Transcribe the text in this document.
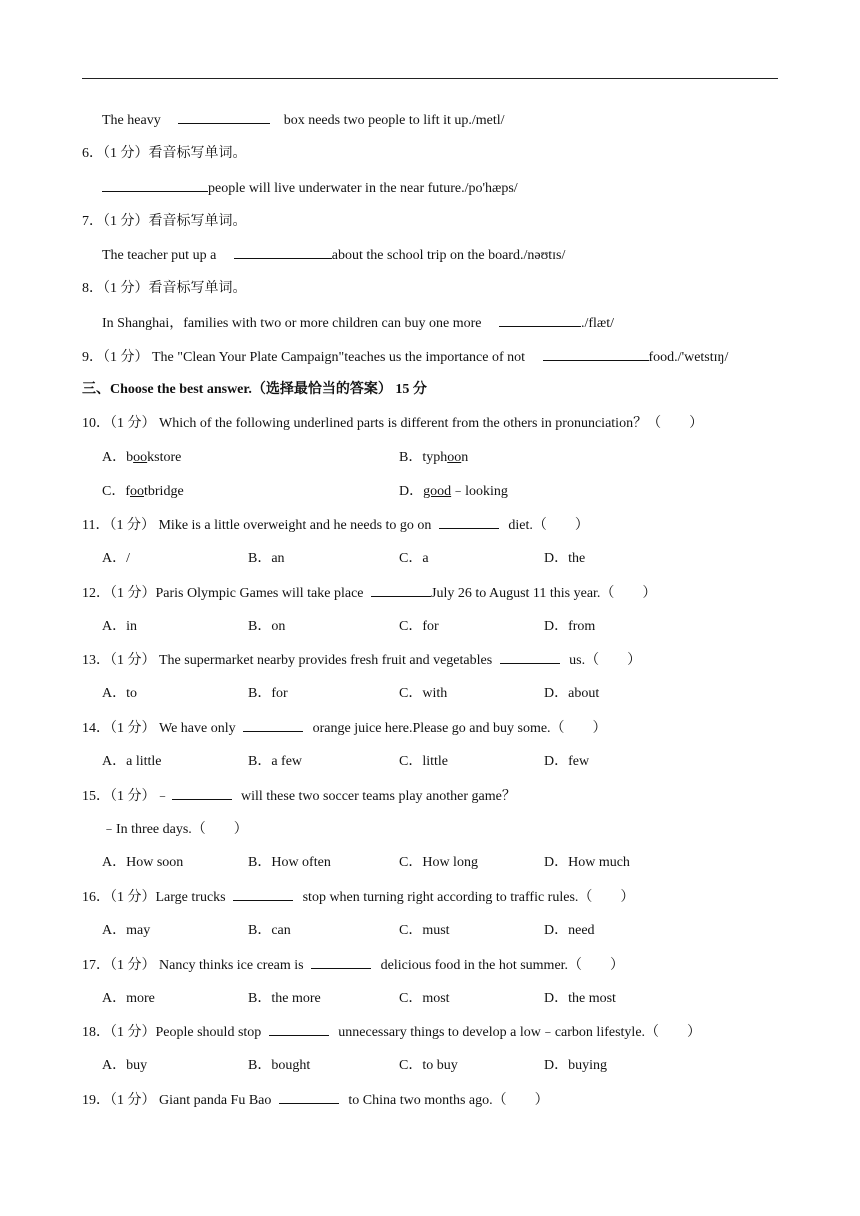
The heavy	box needs two people to lift it up./metl/
6．（1 分）看音标写单词。
people will live underwater in the near future./po'hæps/
7．（1 分）看音标写单词。
The teacher put up a	about the school trip on the board./nəʊtɪs/
8．（1 分）看音标写单词。
In Shanghai，families with two or more children can buy one more	./flæt/
9．（1 分） The "Clean Your Plate Campaign"teaches us the importance of not	food./'wetstɪŋ/
三、Choose the best answer.（选择最恰当的答案） 15 分
10．（1 分） Which of the following underlined parts is different from the others in pronunciation？（　　）
A．bookstore	B．typhoon
C．footbridge	D．good﹣looking
11．（1 分） Mike is a little overweight and he needs to go on	diet.（　　）
A．/	B．an	C．a	D．the
12．（1 分）Paris Olympic Games will take place	July 26 to August 11 this year.（　　）
A．in	B．on	C．for	D．from
13．（1 分） The supermarket nearby provides fresh fruit and vegetables	us.（　　）
A．to	B．for	C．with	D．about
14．（1 分） We have only	orange juice here.Please go and buy some.（　　）
A．a little	B．a few	C．little	D．few
15．（1 分）﹣	will these two soccer teams play another game？
﹣In three days.（　　）
A．How soon	B．How often	C．How long	D．How much
16．（1 分）Large trucks	stop when turning right according to traffic rules.（　　）
A．may	B．can	C．must	D．need
17．（1 分） Nancy thinks ice cream is	delicious food in the hot summer.（　　）
A．more	B．the more	C．most	D．the most
18．（1 分）People should stop	unnecessary things to develop a low﹣carbon lifestyle.（　　）
A．buy	B．bought	C．to buy	D．buying
19．（1 分） Giant panda Fu Bao	to China two months ago.（　　）
